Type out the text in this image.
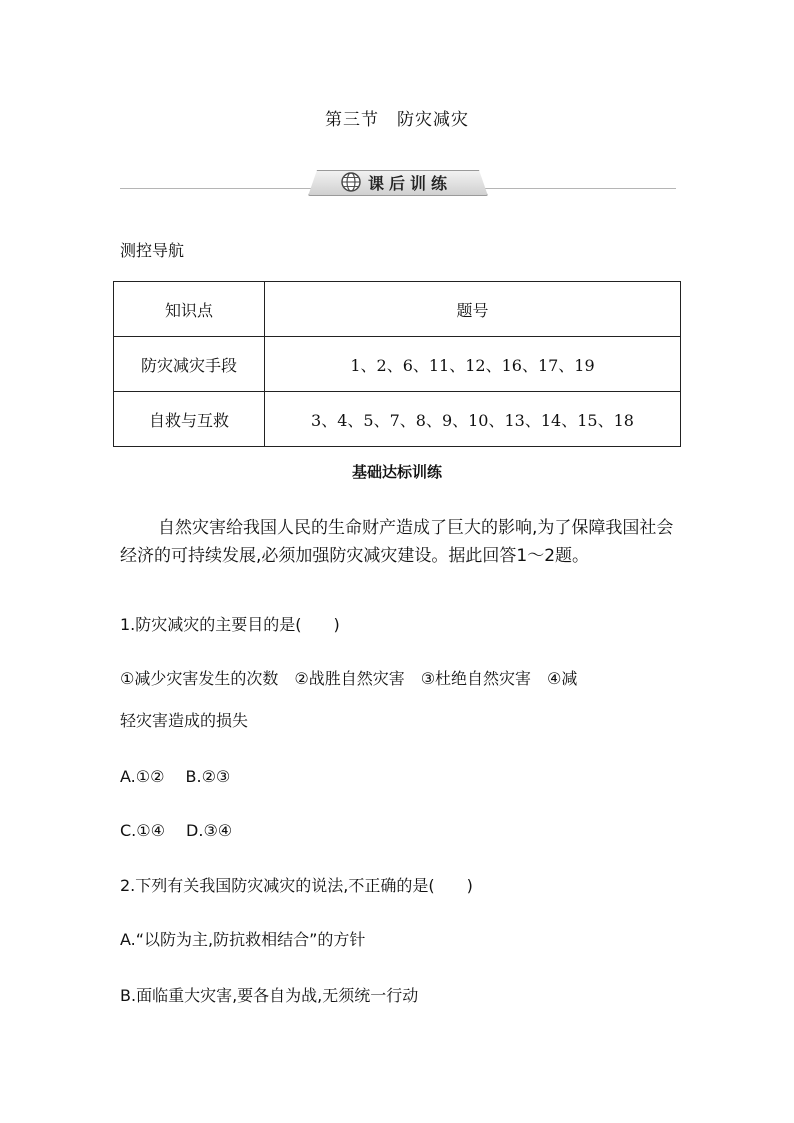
第三节　防灾减灾
课后训练
测控导航
知识点	题号
防灾减灾手段	1、2、6、11、12、16、17、19
自救与互救	3、4、5、7、8、9、10、13、14、15、18
基础达标训练
自然灾害给我国人民的生命财产造成了巨大的影响,为了保障我国社会经济的可持续发展,必须加强防灾减灾建设。据此回答1～2题。
1.防灾减灾的主要目的是(　　)
①减少灾害发生的次数　②战胜自然灾害　③杜绝自然灾害　④减
轻灾害造成的损失
A.①②　 B.②③
C.①④　 D.③④
2.下列有关我国防灾减灾的说法,不正确的是(　　)
A.“以防为主,防抗救相结合”的方针
B.面临重大灾害,要各自为战,无须统一行动
